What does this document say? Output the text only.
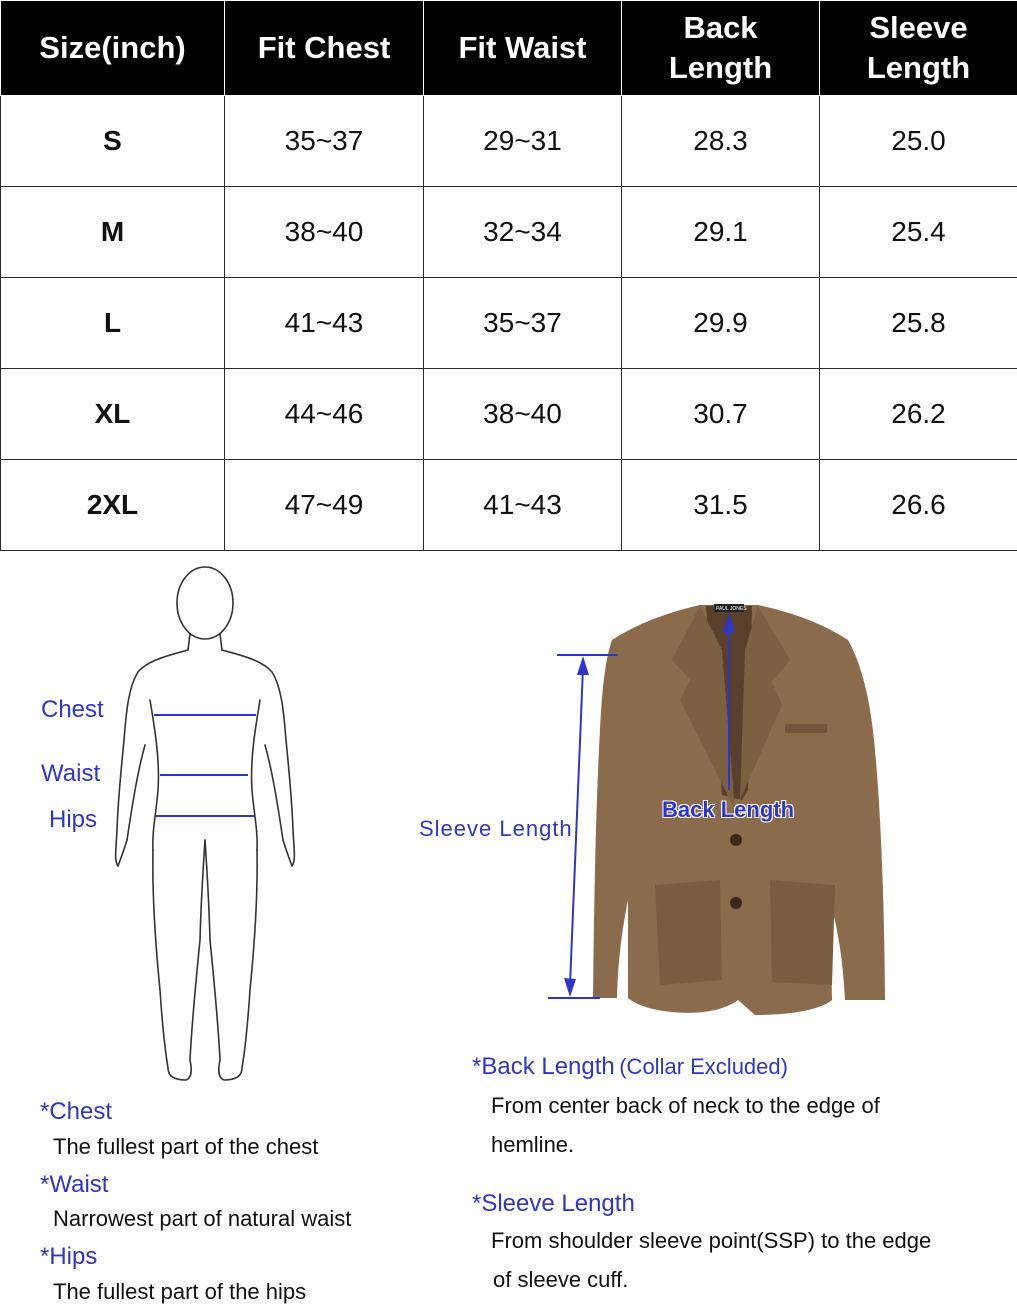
Size(inch)	Fit Chest	Fit Waist	Back Length	Sleeve Length

S	35~37	29~31	28.3	25.0
M	38~40	32~34	29.1	25.4
L	41~43	35~37	29.9	25.8
XL	44~46	38~40	30.7	26.2
2XL	47~49	41~43	31.5	26.6
Chest
Waist
Hips
PAUL JONES
Sleeve Length
Back Length
*Chest
The fullest part of the chest
*Waist
Narrowest part of natural waist
*Hips
The fullest part of the hips
*Back Length (Collar Excluded)
From center back of neck to the edge of
hemline.
*Sleeve Length
From shoulder sleeve point(SSP) to the edge
of sleeve cuff.
